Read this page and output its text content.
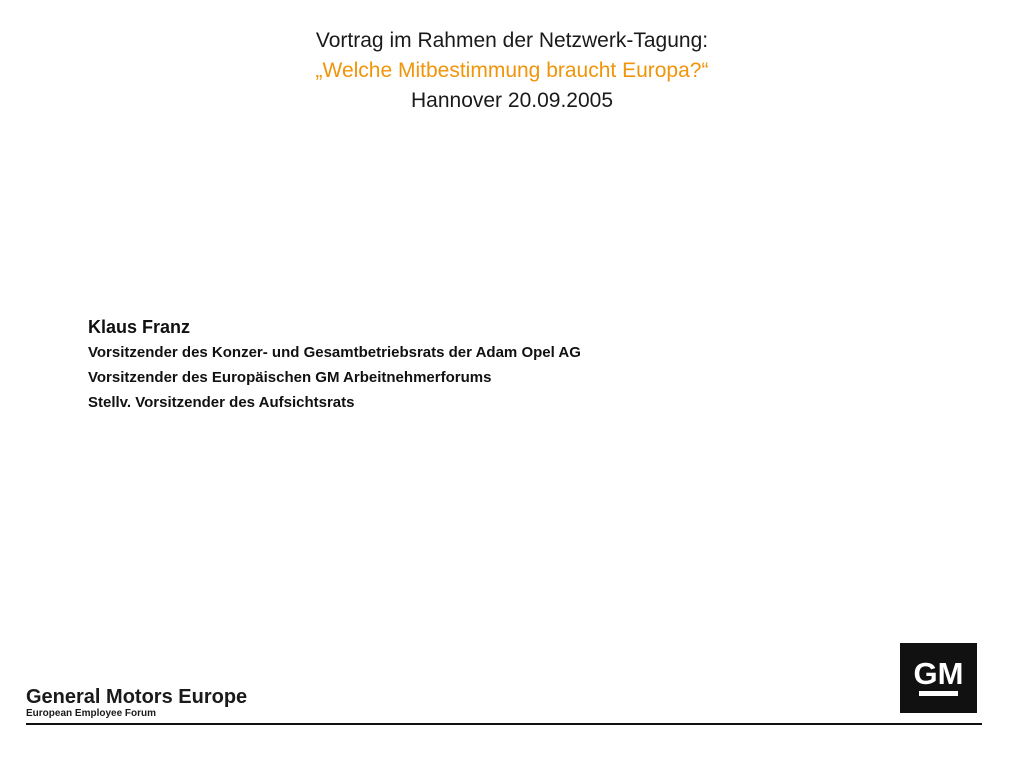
Vortrag im Rahmen der Netzwerk-Tagung:
„Welche Mitbestimmung braucht Europa?“
Hannover 20.09.2005
Klaus Franz
Vorsitzender des Konzer- und Gesamtbetriebsrats der Adam Opel AG
Vorsitzender des Europäischen GM Arbeitnehmerforums
Stellv. Vorsitzender des Aufsichtsrats
General Motors Europe
European Employee Forum
GM
